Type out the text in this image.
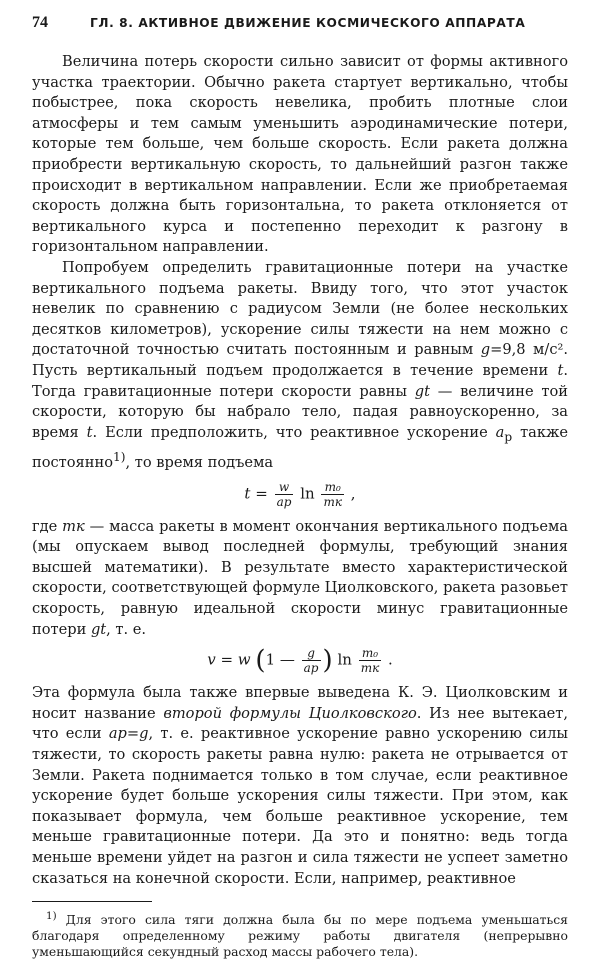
74	ГЛ. 8. АКТИВНОЕ ДВИЖЕНИЕ КОСМИЧЕСКОГО АППАРАТА

Величина потерь скорости сильно зависит от формы активного участка траектории. Обычно ракета стартует вертикально, чтобы побыстрее, пока скорость невелика, пробить плотные слои атмосферы и тем самым уменьшить аэродинамические потери, которые тем больше, чем больше скорость. Если ракета должна приобрести вертикальную скорость, то дальнейший разгон также происходит в вертикальном направлении. Если же приобретаемая скорость должна быть горизонтальна, то ракета отклоняется от вертикального курса и постепенно переходит к разгону в горизонтальном направлении.

Попробуем определить гравитационные потери на участке вертикального подъема ракеты. Ввиду того, что этот участок невелик по сравнению с радиусом Земли (не более нескольких десятков километров), ускорение силы тяжести на нем можно с достаточной точностью считать постоянным и равным g=9,8 м/с². Пусть вертикальный подъем продолжается в течение времени t. Тогда гравитационные потери скорости равны gt — величине той скорости, которую бы набрало тело, падая равноускоренно, за время t. Если предположить, что реактивное ускорение $a_р$ также постоянно$^{1)}$, то время подъема

$t = \frac{w}{aр}$ $\ln \frac{\text{m₀}}{mк}$ ,

где mк — масса ракеты в момент окончания вертикального подъема (мы опускаем вывод последней формулы, требующий знания высшей математики). В результате вместо характеристической скорости, соответствующей формуле Циолковского, ракета разовьет скорость, равную идеальной скорости минус гравитационные потери gt, т. е.

v = w (1 — $\frac{g}{aр}$ ) $\ln \frac{\text{m₀}}{mк}$ .

Эта формула была также впервые выведена К. Э. Циолковским и носит название второй формулы Циолковского. Из нее вытекает, что если aр=g, т. е. реактивное ускорение равно ускорению силы тяжести, то скорость ракеты равна нулю: ракета не отрывается от Земли. Ракета поднимается только в том случае, если реактивное ускорение будет больше ускорения силы тяжести. При этом, как показывает формула, чем больше реактивное ускорение, тем меньше гравитационные потери. Да это и понятно: ведь тогда меньше времени уйдет на разгон и сила тяжести не успеет заметно сказаться на конечной скорости. Если, например, реактивное

$^{1)}$ Для этого сила тяги должна была бы по мере подъема уменьшаться благодаря определенному режиму работы двигателя (непрерывно уменьшающийся секундный расход массы рабочего тела).
